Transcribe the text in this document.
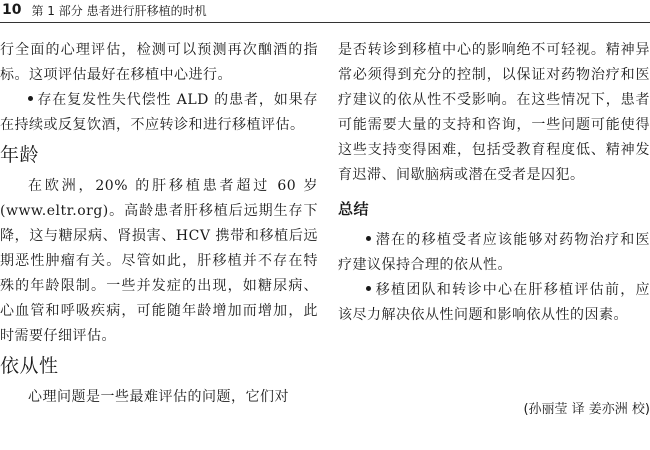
10 第 1 部分 患者进行肝移植的时机

行全面的心理评估，检测可以预测再次酗酒的指标。这项评估最好在移植中心进行。

存在复发性失代偿性 ALD 的患者，如果存在持续或反复饮酒，不应转诊和进行移植评估。

年龄

在欧洲，20% 的肝移植患者超过 60 岁 (www.eltr.org)。高龄患者肝移植后远期生存下降，这与糖尿病、肾损害、HCV 携带和移植后远期恶性肿瘤有关。尽管如此，肝移植并不存在特殊的年龄限制。一些并发症的出现，如糖尿病、心血管和呼吸疾病，可能随年龄增加而增加，此时需要仔细评估。

依从性

心理问题是一些最难评估的问题，它们对

是否转诊到移植中心的影响绝不可轻视。精神异常必须得到充分的控制，以保证对药物治疗和医疗建议的依从性不受影响。在这些情况下，患者可能需要大量的支持和咨询，一些问题可能使得这些支持变得困难，包括受教育程度低、精神发育迟滞、间歇脑病或潜在受者是囚犯。

总结

潜在的移植受者应该能够对药物治疗和医疗建议保持合理的依从性。

移植团队和转诊中心在肝移植评估前，应该尽力解决依从性问题和影响依从性的因素。

(孙丽莹 译 姜亦洲 校)
